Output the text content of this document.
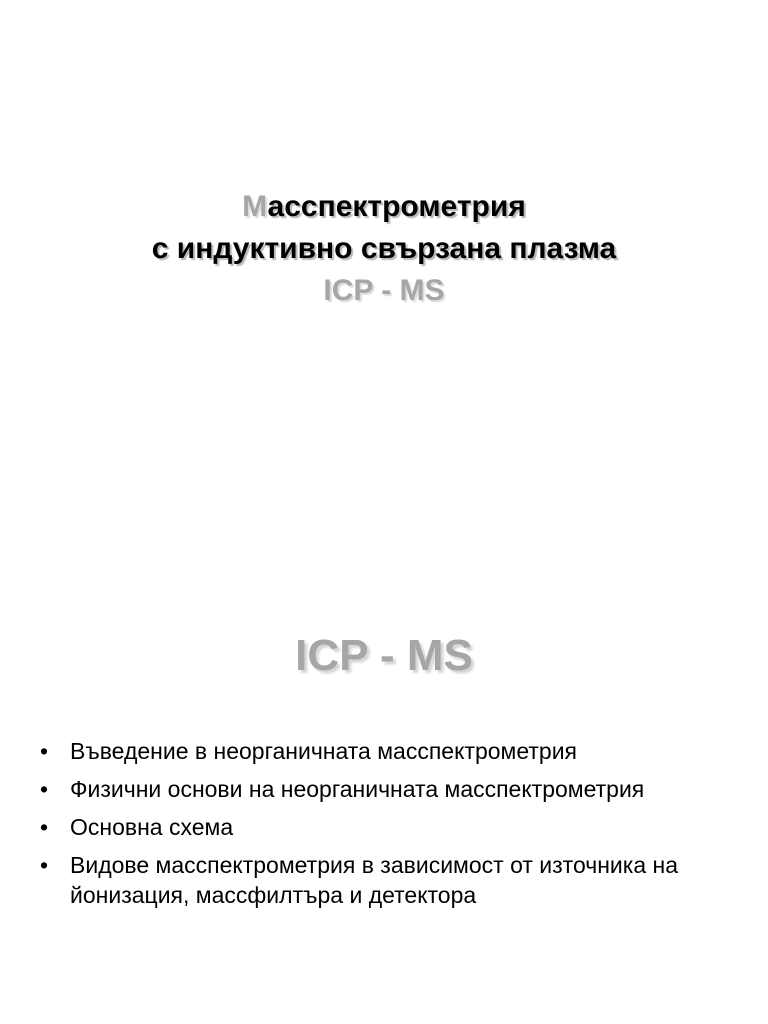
Масспектрометрия
с индуктивно свързана плазма
ICP - MS
ICP - MS
• Въведение в неорганичната масспектрометрия
• Физични основи на неорганичната масспектрометрия
• Основна схема
• Видове масспектрометрия в зависимост от източника на йонизация, массфилтъра и детектора
